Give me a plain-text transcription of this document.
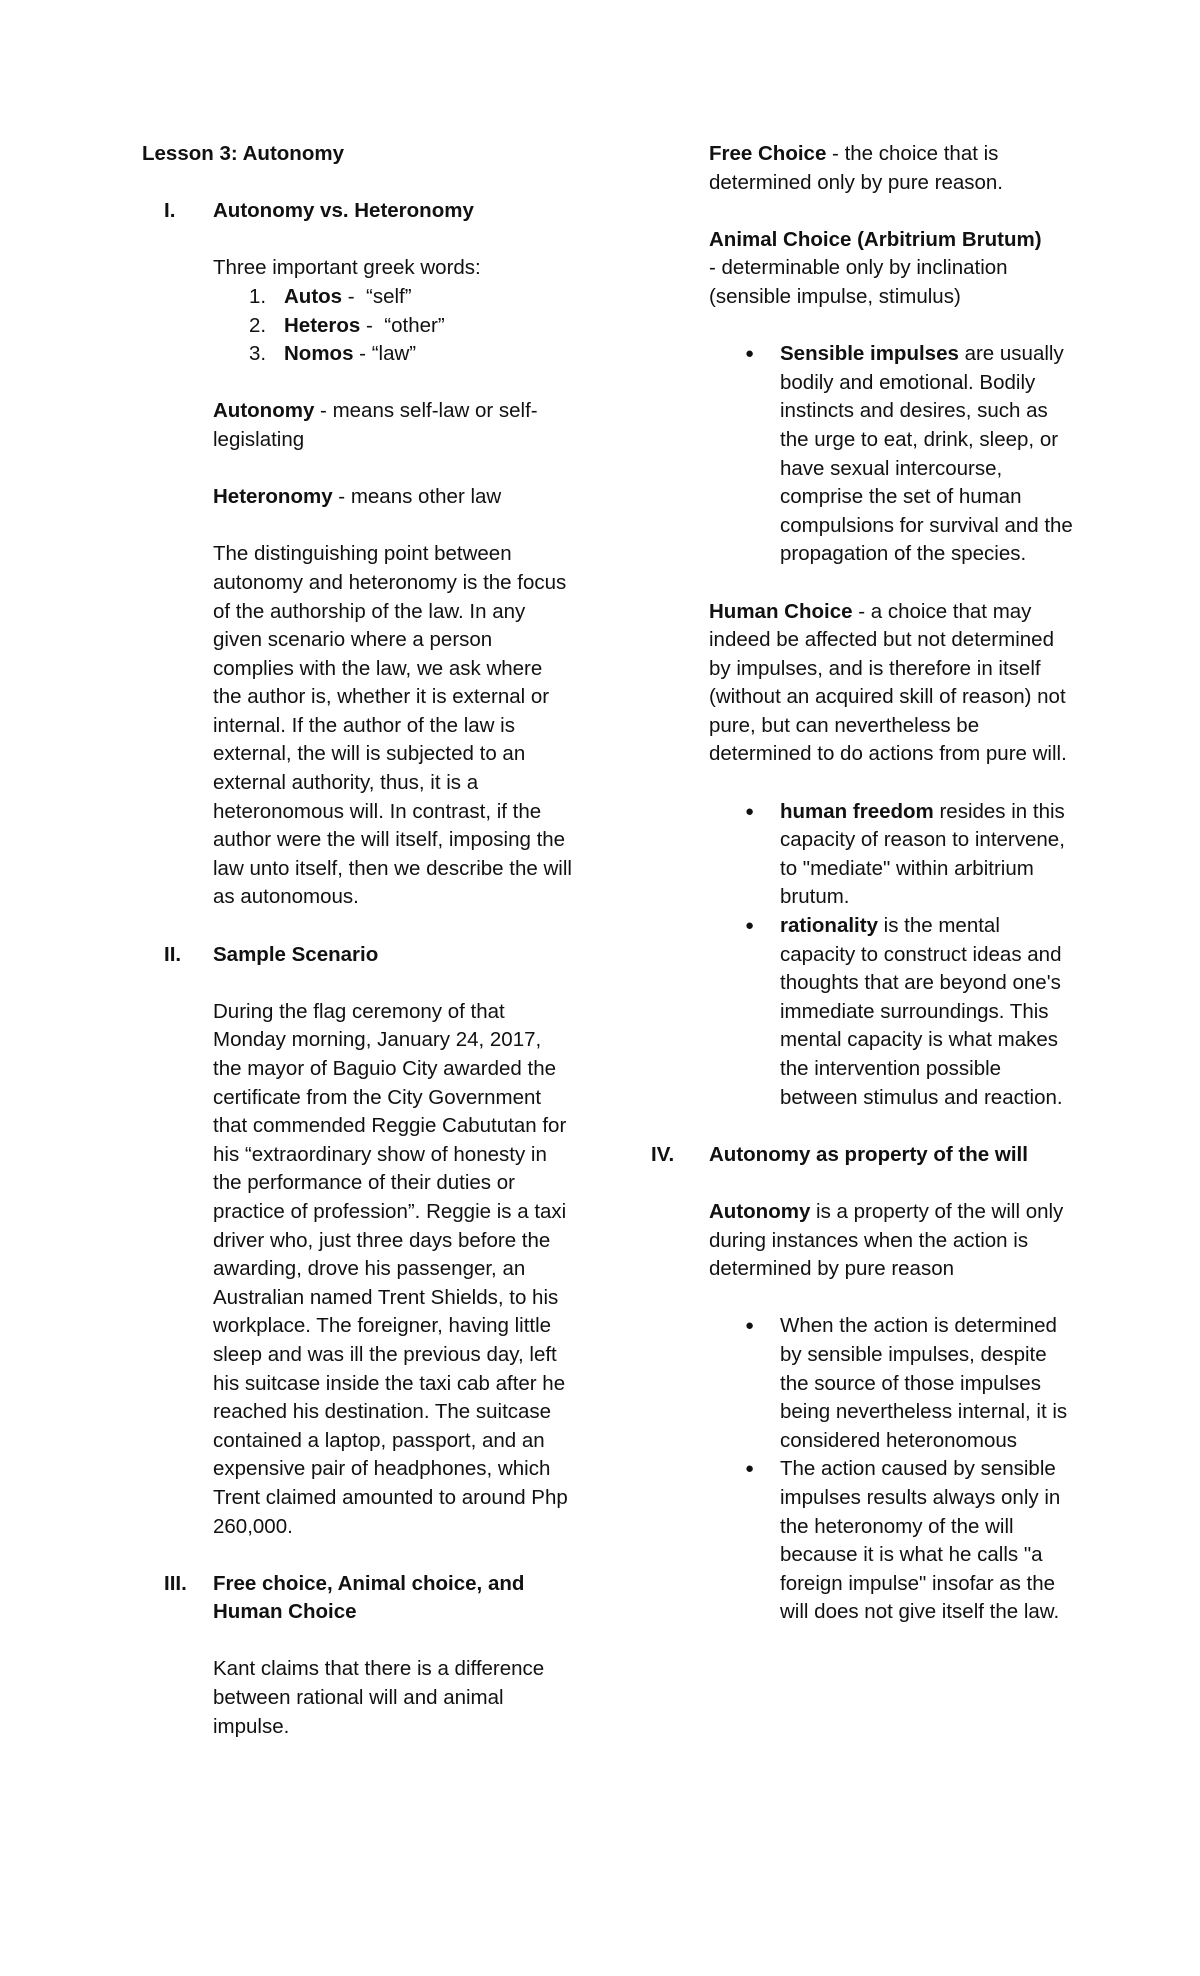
Lesson 3: Autonomy

I. Autonomy vs. Heteronomy

Three important greek words:

1. Autos -  “self”
2. Heteros -  “other”
3. Nomos - “law”

Autonomy - means self-law or self-legislating

Heteronomy - means other law

The distinguishing point between autonomy and heteronomy is the focus of the authorship of the law. In any given scenario where a person complies with the law, we ask where the author is, whether it is external or internal. If the author of the law is external, the will is subjected to an external authority, thus, it is a heteronomous will. In contrast, if the author were the will itself, imposing the law unto itself, then we describe the will as autonomous.

II. Sample Scenario

During the flag ceremony of that Monday morning, January 24, 2017, the mayor of Baguio City awarded the certificate from the City Government that commended Reggie Cabututan for his “extraordinary show of honesty in the performance of their duties or practice of profession”. Reggie is a taxi driver who, just three days before the awarding, drove his passenger, an Australian named Trent Shields, to his workplace. The foreigner, having little sleep and was ill the previous day, left his suitcase inside the taxi cab after he reached his destination. The suitcase contained a laptop, passport, and an expensive pair of headphones, which Trent claimed amounted to around Php 260,000.

III. Free choice, Animal choice, and Human Choice

Kant claims that there is a difference between rational will and animal impulse.

Free Choice - the choice that is determined only by pure reason.

Animal Choice (Arbitrium Brutum)

- determinable only by inclination (sensible impulse, stimulus)

● Sensible impulses are usually bodily and emotional. Bodily instincts and desires, such as the urge to eat, drink, sleep, or have sexual intercourse, comprise the set of human compulsions for survival and the propagation of the species.

Human Choice - a choice that may indeed be affected but not determined by impulses, and is therefore in itself (without an acquired skill of reason) not pure, but can nevertheless be determined to do actions from pure will.

● human freedom resides in this capacity of reason to intervene, to "mediate" within arbitrium brutum.
● rationality is the mental capacity to construct ideas and thoughts that are beyond one's immediate surroundings. This mental capacity is what makes the intervention possible between stimulus and reaction.
IV. Autonomy as property of the will

Autonomy is a property of the will only during instances when the action is determined by pure reason

● When the action is determined by sensible impulses, despite the source of those impulses being nevertheless internal, it is considered heteronomous
● The action caused by sensible impulses results always only in the heteronomy of the will because it is what he calls "a foreign impulse" insofar as the will does not give itself the law.
